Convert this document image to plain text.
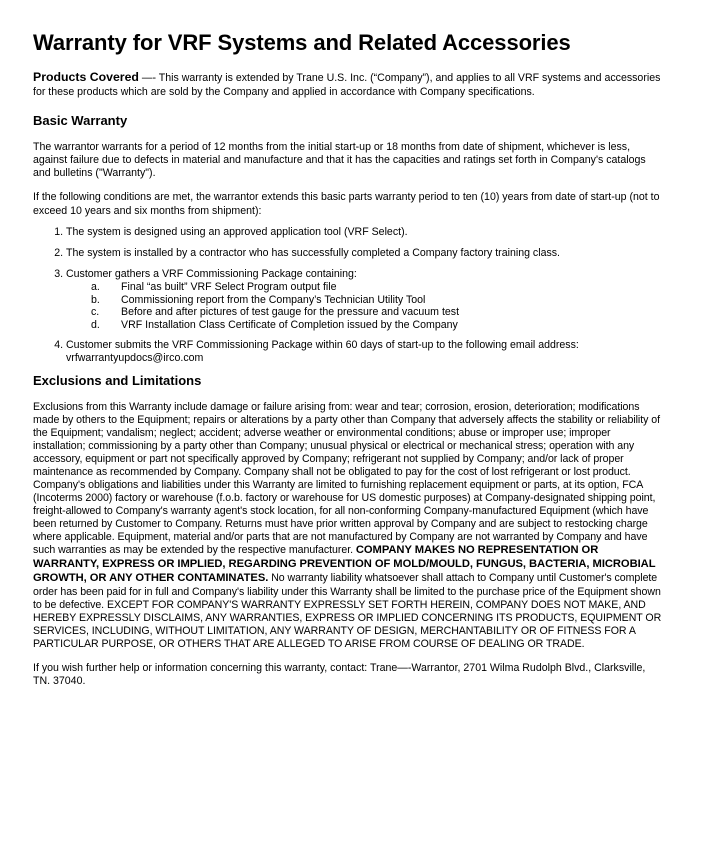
Warranty for VRF Systems and Related Accessories
Products Covered —- This warranty is extended by Trane U.S. Inc. (“Company”), and applies to all VRF systems and accessories for these products which are sold by the Company and applied in accordance with Company specifications.
Basic Warranty

The warrantor warrants for a period of 12 months from the initial start-up or 18 months from date of shipment, whichever is less, against failure due to defects in material and manufacture and that it has the capacities and ratings set forth in Company's catalogs and bulletins ("Warranty").

If the following conditions are met, the warrantor extends this basic parts warranty period to ten (10) years from date of start-up (not to exceed 10 years and six months from shipment):

1. The system is designed using an approved application tool (VRF Select).
2. The system is installed by a contractor who has successfully completed a Company factory training class.
3. Customer gathers a VRF Commissioning Package containing:
a.	Final “as built” VRF Select Program output file
b.	Commissioning report from the Company’s Technician Utility Tool
c.	Before and after pictures of test gauge for the pressure and vacuum test
d.	VRF Installation Class Certificate of Completion issued by the Company
4. Customer submits the VRF Commissioning Package within 60 days of start-up to the following email address:
vrfwarrantyupdocs@irco.com
Exclusions and Limitations
Exclusions from this Warranty include damage or failure arising from: wear and tear; corrosion, erosion, deterioration; modifications made by others to the Equipment; repairs or alterations by a party other than Company that adversely affects the stability or reliability of the Equipment; vandalism; neglect; accident; adverse weather or environmental conditions; abuse or improper use; improper installation; commissioning by a party other than Company; unusual physical or electrical or mechanical stress; operation with any accessory, equipment or part not specifically approved by Company; refrigerant not supplied by Company; and/or lack of proper maintenance as recommended by Company. Company shall not be obligated to pay for the cost of lost refrigerant or lost product. Company's obligations and liabilities under this Warranty are limited to furnishing replacement equipment or parts, at its option, FCA (Incoterms 2000) factory or warehouse (f.o.b. factory or warehouse for US domestic purposes) at Company-designated shipping point, freight-allowed to Company's warranty agent's stock location, for all non-conforming Company-manufactured Equipment (which have been returned by Customer to Company. Returns must have prior written approval by Company and are subject to restocking charge where applicable. Equipment, material and/or parts that are not manufactured by Company are not warranted by Company and have such warranties as may be extended by the respective manufacturer. COMPANY MAKES NO REPRESENTATION OR WARRANTY, EXPRESS OR IMPLIED, REGARDING PREVENTION OF MOLD/MOULD, FUNGUS, BACTERIA, MICROBIAL GROWTH, OR ANY OTHER CONTAMINATES. No warranty liability whatsoever shall attach to Company until Customer's complete order has been paid for in full and Company's liability under this Warranty shall be limited to the purchase price of the Equipment shown to be defective. EXCEPT FOR COMPANY'S WARRANTY EXPRESSLY SET FORTH HEREIN, COMPANY DOES NOT MAKE, AND HEREBY EXPRESSLY DISCLAIMS, ANY WARRANTIES, EXPRESS OR IMPLIED CONCERNING ITS PRODUCTS, EQUIPMENT OR SERVICES, INCLUDING, WITHOUT LIMITATION, ANY WARRANTY OF DESIGN, MERCHANTABILITY OR OF FITNESS FOR A PARTICULAR PURPOSE, OR OTHERS THAT ARE ALLEGED TO ARISE FROM COURSE OF DEALING OR TRADE.
If you wish further help or information concerning this warranty, contact: Trane—-Warrantor, 2701 Wilma Rudolph Blvd., Clarksville, TN. 37040.
